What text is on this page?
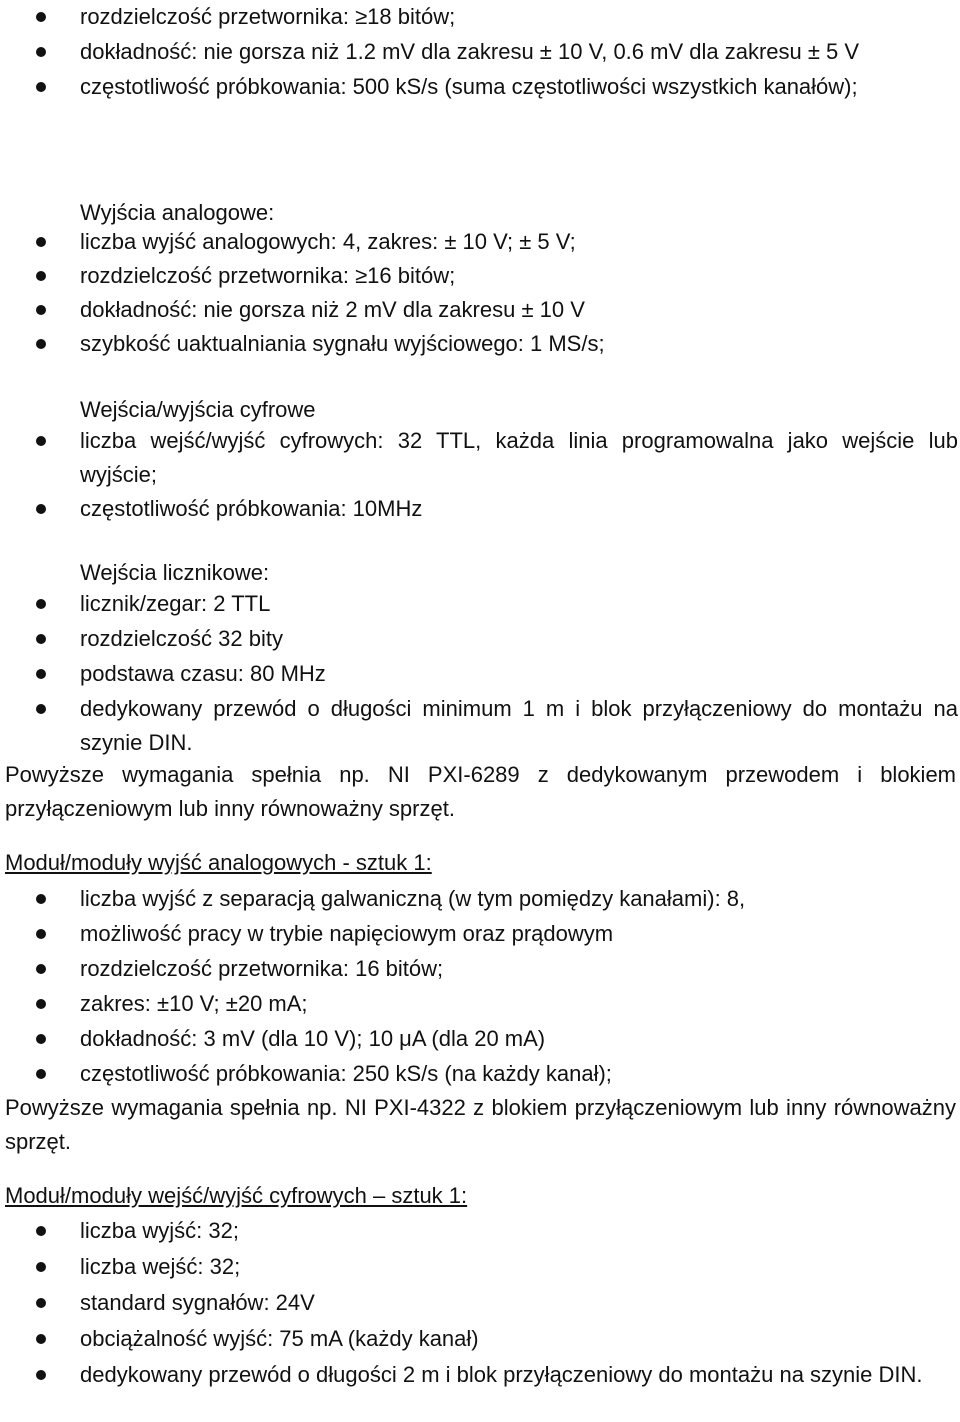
rozdzielczość przetwornika: ≥18 bitów;
dokładność: nie gorsza niż 1.2 mV dla zakresu ± 10 V, 0.6 mV dla zakresu ± 5 V
częstotliwość próbkowania: 500 kS/s (suma częstotliwości wszystkich kanałów);
Wyjścia analogowe:
liczba wyjść analogowych: 4, zakres: ± 10 V; ± 5 V;
rozdzielczość przetwornika: ≥16 bitów;
dokładność: nie gorsza niż 2 mV dla zakresu ± 10 V
szybkość uaktualniania sygnału wyjściowego: 1 MS/s;
Wejścia/wyjścia cyfrowe
liczba wejść/wyjść cyfrowych: 32 TTL, każda linia programowalna jako wejście lub wyjście;
częstotliwość próbkowania: 10MHz
Wejścia licznikowe:
licznik/zegar: 2 TTL
rozdzielczość 32 bity
podstawa czasu: 80 MHz
dedykowany przewód o długości minimum 1 m i blok przyłączeniowy do montażu na szynie DIN.
Powyższe wymagania spełnia np. NI PXI-6289 z dedykowanym przewodem i blokiem przyłączeniowym lub inny równoważny sprzęt.
Moduł/moduły wyjść analogowych - sztuk 1:
liczba wyjść z separacją galwaniczną (w tym pomiędzy kanałami): 8,
możliwość pracy w trybie napięciowym oraz prądowym
rozdzielczość przetwornika: 16 bitów;
zakres: ±10 V; ±20 mA;
dokładność: 3 mV (dla 10 V); 10 μA (dla 20 mA)
częstotliwość próbkowania: 250 kS/s (na każdy kanał);
Powyższe wymagania spełnia np. NI PXI-4322 z blokiem przyłączeniowym lub inny równoważny sprzęt.
Moduł/moduły wejść/wyjść cyfrowych – sztuk 1:
liczba wyjść: 32;
liczba wejść: 32;
standard sygnałów: 24V
obciążalność wyjść: 75 mA (każdy kanał)
dedykowany przewód o długości 2 m i blok przyłączeniowy do montażu na szynie DIN.
